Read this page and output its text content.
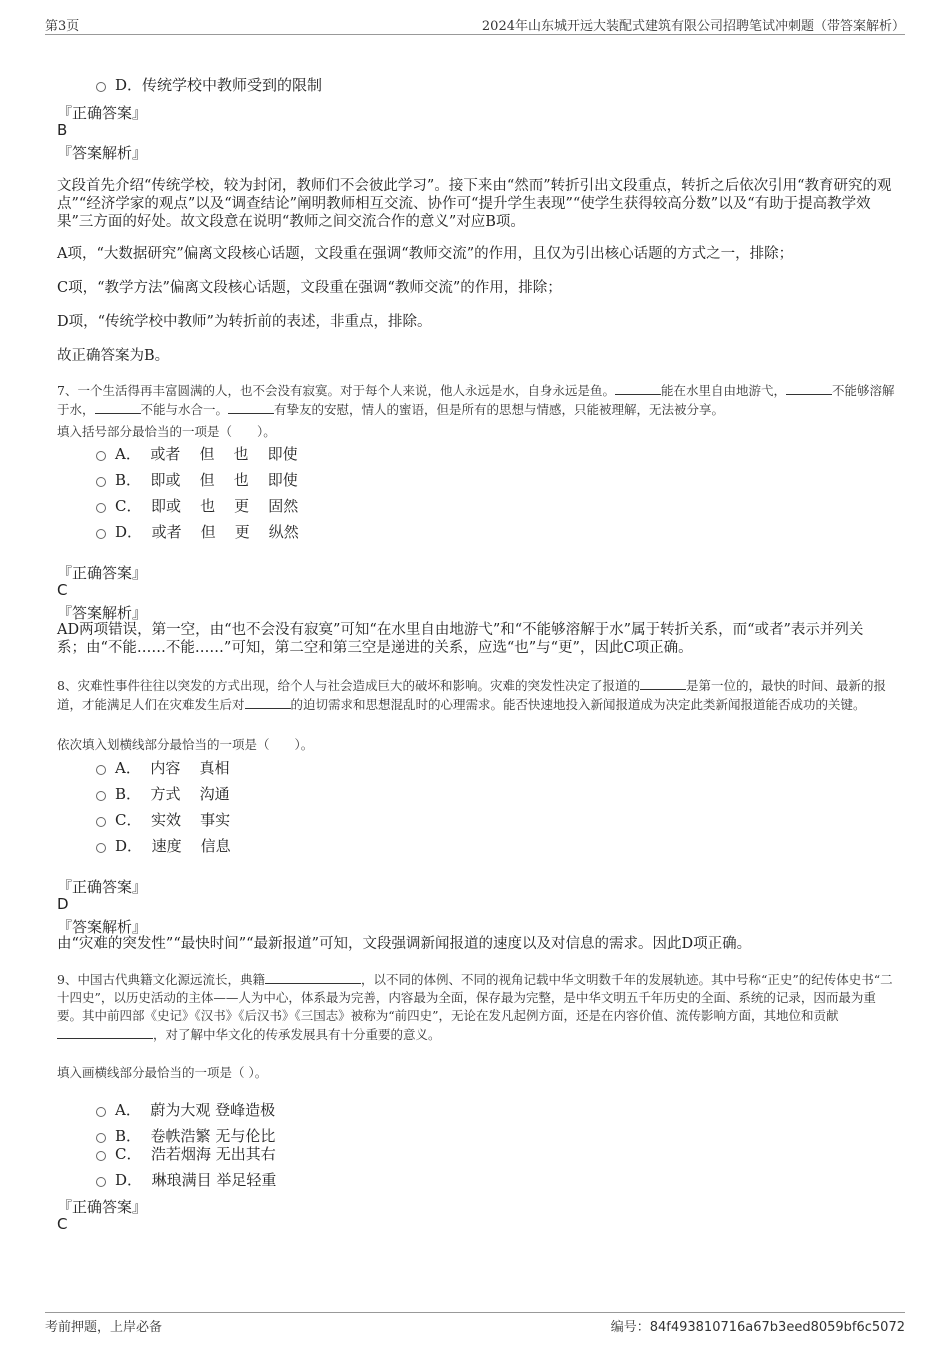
第3页	2024年山东城开远大装配式建筑有限公司招聘笔试冲刺题（带答案解析）
D．传统学校中教师受到的限制
『正确答案』
B
『答案解析』
文段首先介绍“传统学校，较为封闭，教师们不会彼此学习”。接下来由“然而”转折引出文段重点，转折之后依次引用“教育研究的观点”“经济学家的观点”以及“调查结论”阐明教师相互交流、协作可“提升学生表现”“使学生获得较高分数”以及“有助于提高教学效果”三方面的好处。故文段意在说明“教师之间交流合作的意义”对应B项。
A项，“大数据研究”偏离文段核心话题，文段重在强调“教师交流”的作用，且仅为引出核心话题的方式之一，排除；
C项，“教学方法”偏离文段核心话题，文段重在强调“教师交流”的作用，排除；
D项，“传统学校中教师”为转折前的表述，非重点，排除。
故正确答案为B。
7、一个生活得再丰富圆满的人，也不会没有寂寞。对于每个人来说，他人永远是水，自身永远是鱼。	能在水里自由地游弋，	不能够溶解于水，	不能与水合一。	有挚友的安慰，情人的蜜语，但是所有的思想与情感，只能被理解，无法被分享。
填入括号部分最恰当的一项是（　　）。
A．  或者    但    也    即使
B．  即或    但    也    即使
C．  即或    也    更    固然
D．  或者    但    更    纵然
『正确答案』
C
『答案解析』
AD两项错误，第一空，由“也不会没有寂寞”可知“在水里自由地游弋”和“不能够溶解于水”属于转折关系，而“或者”表示并列关系；由“不能……不能……”可知，第二空和第三空是递进的关系，应选“也”与“更”，因此C项正确。
8、灾难性事件往往以突发的方式出现，给个人与社会造成巨大的破坏和影响。灾难的突发性决定了报道的	是第一位的，最快的时间、最新的报道，才能满足人们在灾难发生后对	的迫切需求和思想混乱时的心理需求。能否快速地投入新闻报道成为决定此类新闻报道能否成功的关键。
依次填入划横线部分最恰当的一项是（　　）。
A．  内容    真相
B．  方式    沟通
C．  实效    事实
D．  速度    信息
『正确答案』
D
『答案解析』
由“灾难的突发性”“最快时间”“最新报道”可知，文段强调新闻报道的速度以及对信息的需求。因此D项正确。
9、中国古代典籍文化源远流长，典籍	，以不同的体例、不同的视角记载中华文明数千年的发展轨迹。其中号称“正史”的纪传体史书“二十四史”，以历史活动的主体——人为中心，体系最为完善，内容最为全面，保存最为完整，是中华文明五千年历史的全面、系统的记录，因而最为重要。其中前四部《史记》《汉书》《后汉书》《三国志》被称为“前四史”，无论在发凡起例方面，还是在内容价值、流传影响方面，其地位和贡献，对了解中华文化的传承发展具有十分重要的意义。
填入画横线部分最恰当的一项是（ ）。
A．  蔚为大观 登峰造极
B．  卷帙浩繁 无与伦比
C．  浩若烟海 无出其右
D．  琳琅满目 举足轻重
『正确答案』
C
考前押题，上岸必备	编号：84f493810716a67b3eed8059bf6c5072
